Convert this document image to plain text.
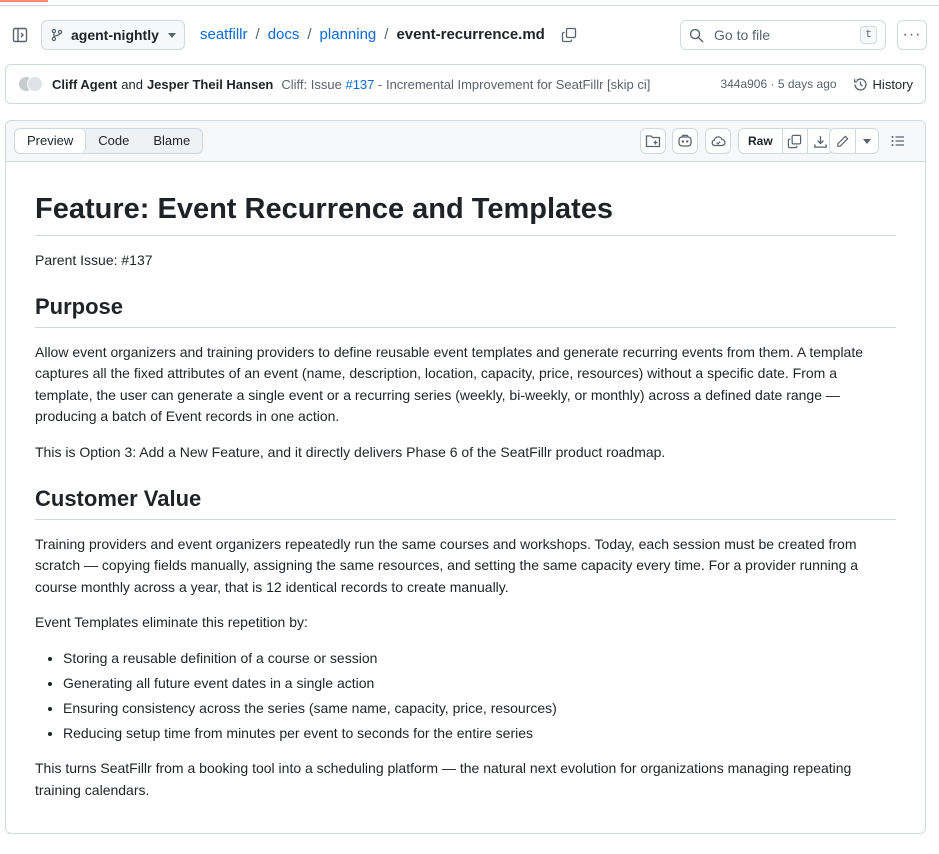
agent-nightly	seatfillr / docs / planning / event-recurrence.md
Go to file	t	···
Cliff Agent and Jesper Theil Hansen Cliff: Issue #137 - Incremental Improvement for SeatFillr [skip ci]	344a906 · 5 days ago	History
Preview	Code	Blame	Raw
Feature: Event Recurrence and Templates

Parent Issue: #137

Purpose

Allow event organizers and training providers to define reusable event templates and generate recurring events from them. A template captures all the fixed attributes of an event (name, description, location, capacity, price, resources) without a specific date. From a template, the user can generate a single event or a recurring series (weekly, bi-weekly, or monthly) across a defined date range — producing a batch of Event records in one action.

This is Option 3: Add a New Feature, and it directly delivers Phase 6 of the SeatFillr product roadmap.

Customer Value

Training providers and event organizers repeatedly run the same courses and workshops. Today, each session must be created from scratch — copying fields manually, assigning the same resources, and setting the same capacity every time. For a provider running a course monthly across a year, that is 12 identical records to create manually.

Event Templates eliminate this repetition by:

• Storing a reusable definition of a course or session
• Generating all future event dates in a single action
• Ensuring consistency across the series (same name, capacity, price, resources)
• Reducing setup time from minutes per event to seconds for the entire series

This turns SeatFillr from a booking tool into a scheduling platform — the natural next evolution for organizations managing repeating training calendars.
